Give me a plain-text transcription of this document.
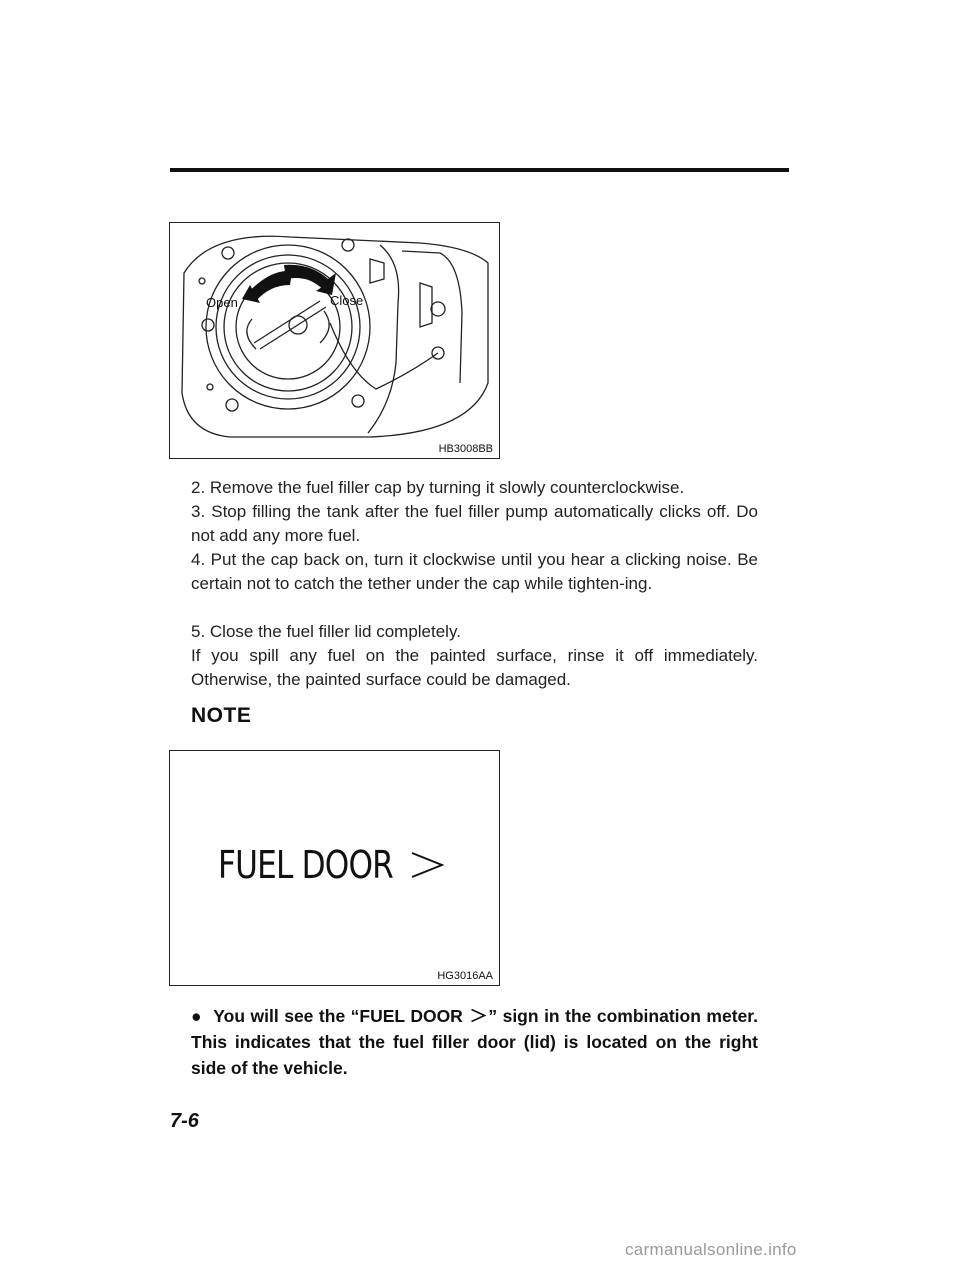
Open	Close
HB3008BB

2. Remove the fuel filler cap by turning it slowly counterclockwise.

3. Stop filling the tank after the fuel filler pump automatically clicks off. Do not add any more fuel.

4. Put the cap back on, turn it clockwise until you hear a clicking noise. Be certain not to catch the tether under the cap while tighten-ing.

5. Close the fuel filler lid completely.

If you spill any fuel on the painted surface, rinse it off immediately. Otherwise, the painted surface could be damaged.

NOTE
FUEL DOOR
HG3016AA

● You will see the “FUEL DOOR ” sign in the combination meter. This indicates that the fuel filler door (lid) is located on the right side of the vehicle.

7-6
carmanualsonline.info
